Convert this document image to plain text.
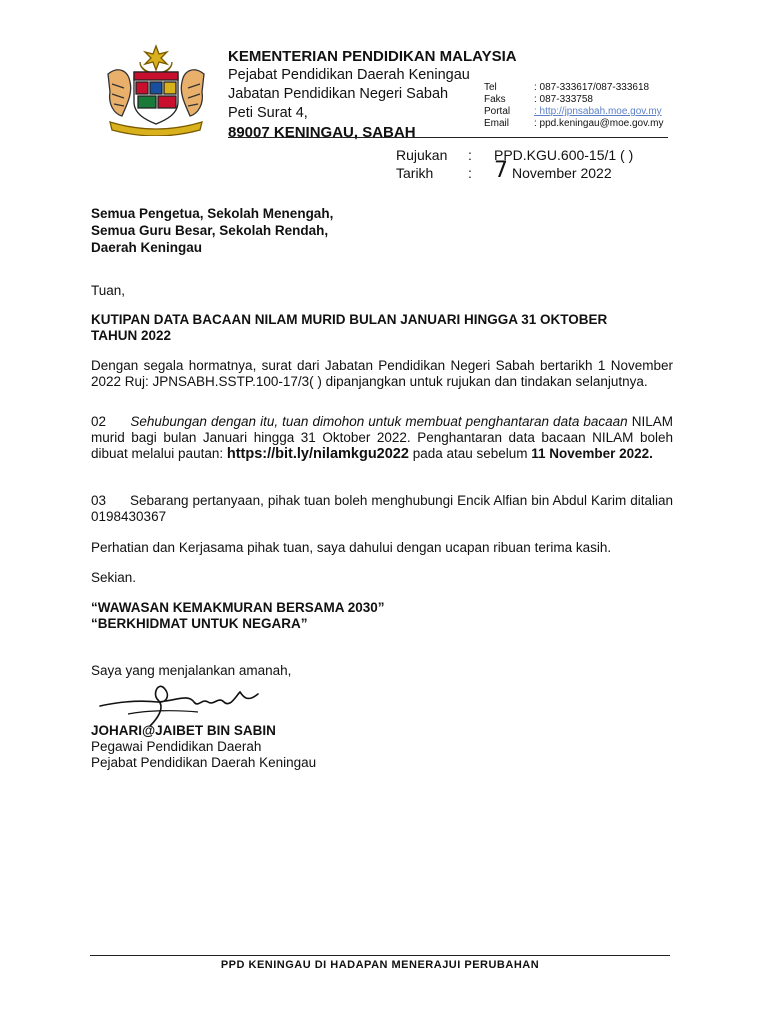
KEMENTERIAN PENDIDIKAN MALAYSIA
Pejabat Pendidikan Daerah Keningau
Jabatan Pendidikan Negeri Sabah
Peti Surat 4,
89007 KENINGAU, SABAH
Tel	: 087-333617/087-333618
Faks	: 087-333758
Portal	: http://jpnsabah.moe.gov.my
Email	: ppd.keningau@moe.gov.my
Rujukan	:	PPD.KGU.600-15/1 ( )
Tarikh	:	7 November 2022
Semua Pengetua, Sekolah Menengah,
Semua Guru Besar, Sekolah Rendah,
Daerah Keningau
Tuan,
KUTIPAN DATA BACAAN NILAM MURID BULAN JANUARI HINGGA 31 OKTOBER TAHUN 2022
Dengan segala hormatnya, surat dari Jabatan Pendidikan Negeri Sabah bertarikh 1 November 2022 Ruj: JPNSABH.SSTP.100-17/3( ) dipanjangkan untuk rujukan dan tindakan selanjutnya.
02 Sehubungan dengan itu, tuan dimohon untuk membuat penghantaran data bacaan NILAM murid bagi bulan Januari hingga 31 Oktober 2022. Penghantaran data bacaan NILAM boleh dibuat melalui pautan: https://bit.ly/nilamkgu2022 pada atau sebelum 11 November 2022.
03 Sebarang pertanyaan, pihak tuan boleh menghubungi Encik Alfian bin Abdul Karim ditalian 0198430367
Perhatian dan Kerjasama pihak tuan, saya dahului dengan ucapan ribuan terima kasih.
Sekian.
“WAWASAN KEMAKMURAN BERSAMA 2030”
“BERKHIDMAT UNTUK NEGARA”
Saya yang menjalankan amanah,
JOHARI@JAIBET BIN SABIN
Pegawai Pendidikan Daerah
Pejabat Pendidikan Daerah Keningau
PPD KENINGAU DI HADAPAN MENERAJUI PERUBAHAN
